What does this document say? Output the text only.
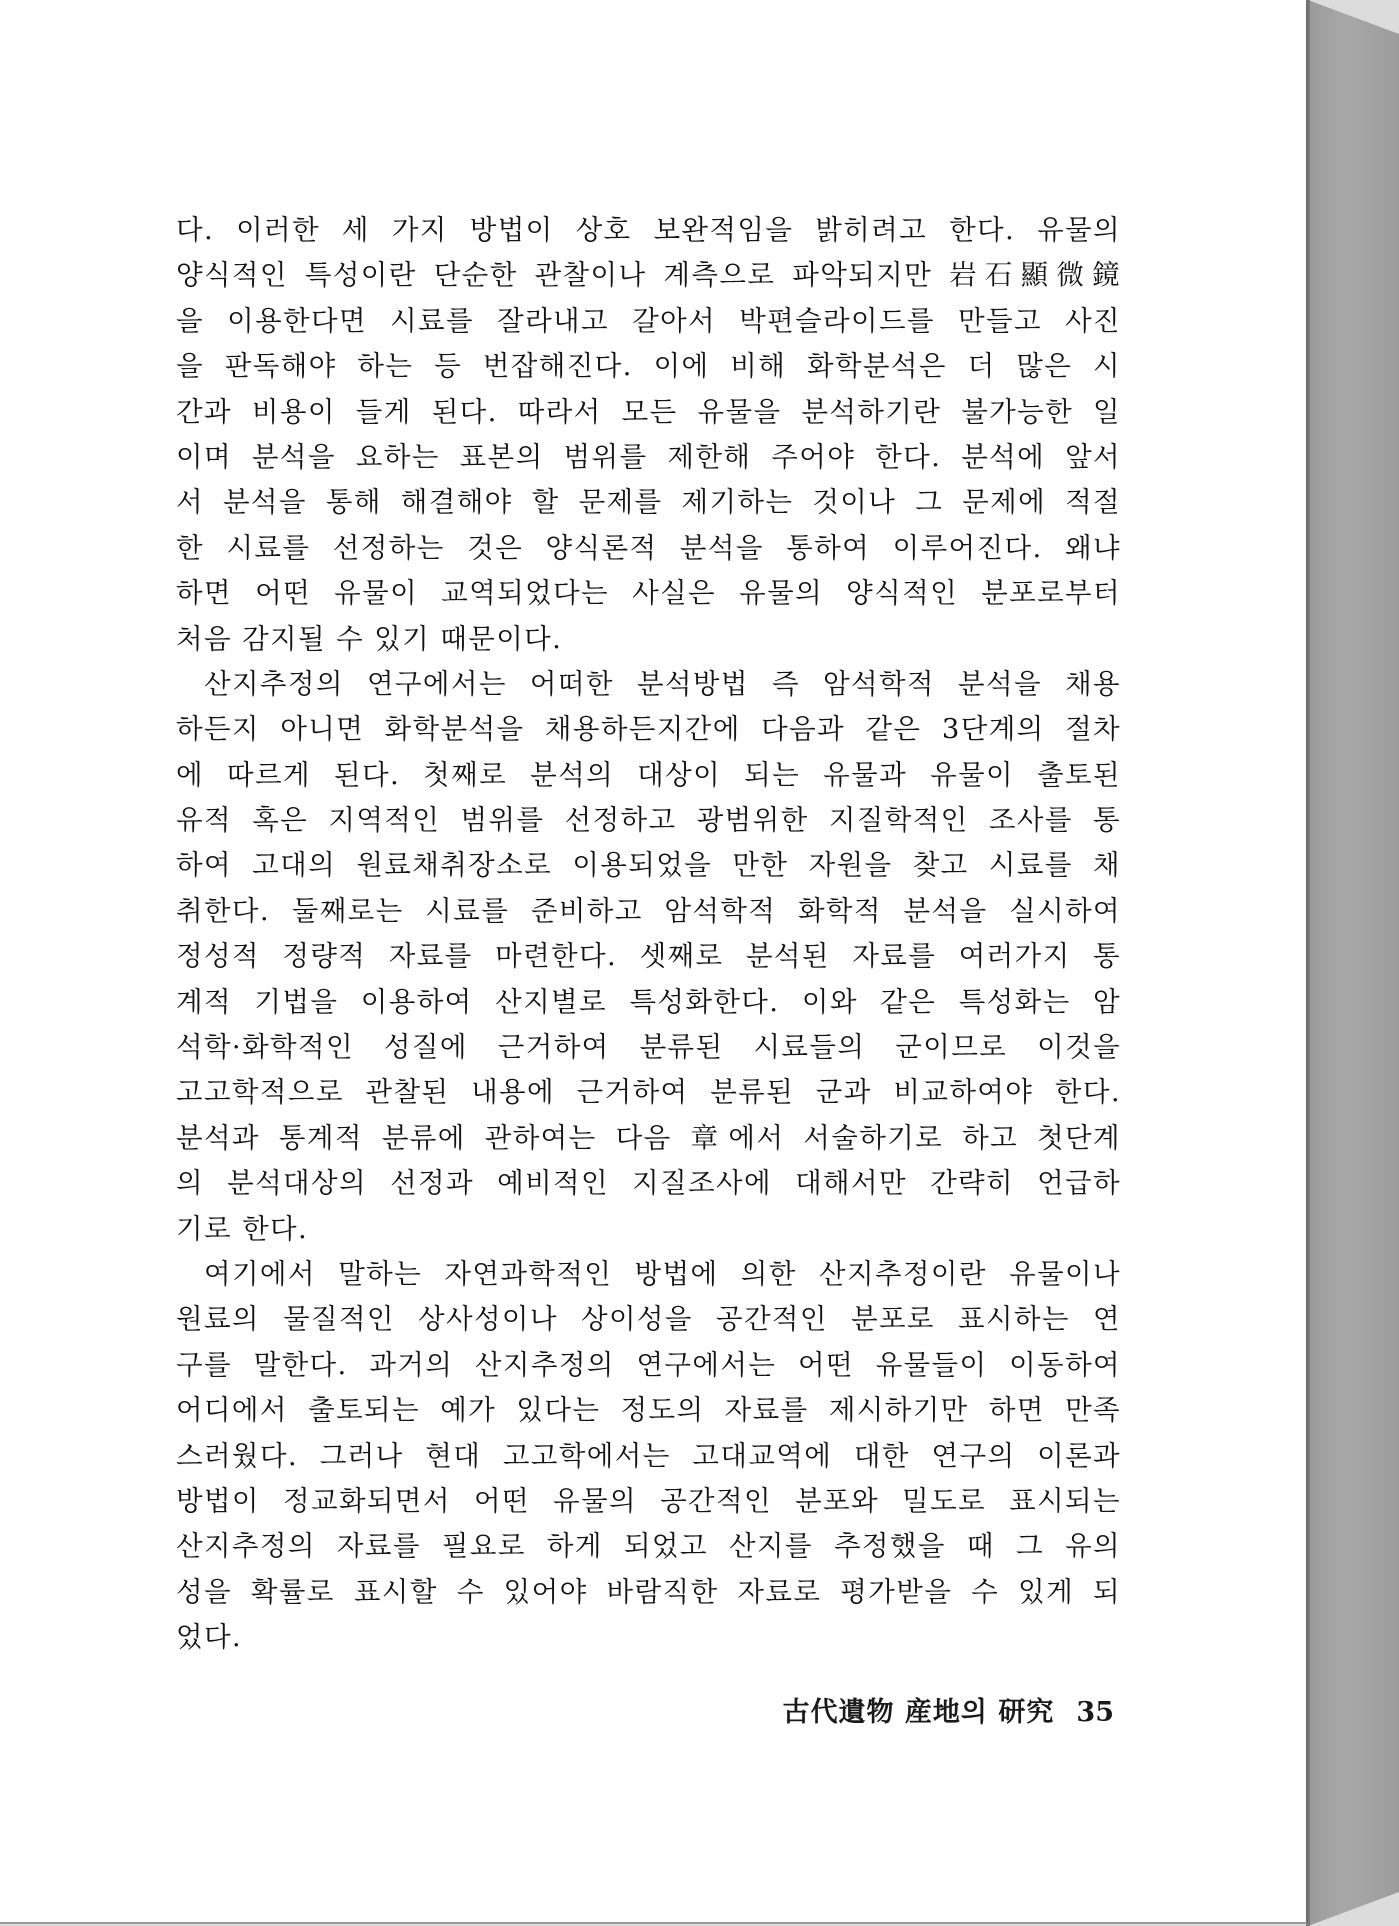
다. 이러한 세 가지 방법이 상호 보완적임을 밝히려고 한다. 유물의
양식적인 특성이란 단순한 관찰이나 계측으로 파악되지만 岩石顯微鏡
을 이용한다면 시료를 잘라내고 갈아서 박편슬라이드를 만들고 사진
을 판독해야 하는 등 번잡해진다. 이에 비해 화학분석은 더 많은 시
간과 비용이 들게 된다. 따라서 모든 유물을 분석하기란 불가능한 일
이며 분석을 요하는 표본의 범위를 제한해 주어야 한다. 분석에 앞서
서 분석을 통해 해결해야 할 문제를 제기하는 것이나 그 문제에 적절
한 시료를 선정하는 것은 양식론적 분석을 통하여 이루어진다. 왜냐
하면 어떤 유물이 교역되었다는 사실은 유물의 양식적인 분포로부터
처음 감지될 수 있기 때문이다.
산지추정의 연구에서는 어떠한 분석방법 즉 암석학적 분석을 채용
하든지 아니면 화학분석을 채용하든지간에 다음과 같은 3단계의 절차
에 따르게 된다. 첫째로 분석의 대상이 되는 유물과 유물이 출토된
유적 혹은 지역적인 범위를 선정하고 광범위한 지질학적인 조사를 통
하여 고대의 원료채취장소로 이용되었을 만한 자원을 찾고 시료를 채
취한다. 둘째로는 시료를 준비하고 암석학적 화학적 분석을 실시하여
정성적 정량적 자료를 마련한다. 셋째로 분석된 자료를 여러가지 통
계적 기법을 이용하여 산지별로 특성화한다. 이와 같은 특성화는 암
석학·화학적인 성질에 근거하여 분류된 시료들의 군이므로 이것을
고고학적으로 관찰된 내용에 근거하여 분류된 군과 비교하여야 한다.
분석과 통계적 분류에 관하여는 다음 章에서 서술하기로 하고 첫단계
의 분석대상의 선정과 예비적인 지질조사에 대해서만 간략히 언급하
기로 한다.
여기에서 말하는 자연과학적인 방법에 의한 산지추정이란 유물이나
원료의 물질적인 상사성이나 상이성을 공간적인 분포로 표시하는 연
구를 말한다. 과거의 산지추정의 연구에서는 어떤 유물들이 이동하여
어디에서 출토되는 예가 있다는 정도의 자료를 제시하기만 하면 만족
스러웠다. 그러나 현대 고고학에서는 고대교역에 대한 연구의 이론과
방법이 정교화되면서 어떤 유물의 공간적인 분포와 밀도로 표시되는
산지추정의 자료를 필요로 하게 되었고 산지를 추정했을 때 그 유의
성을 확률로 표시할 수 있어야 바람직한 자료로 평가받을 수 있게 되
었다.
古代遺物 産地의 研究 35
